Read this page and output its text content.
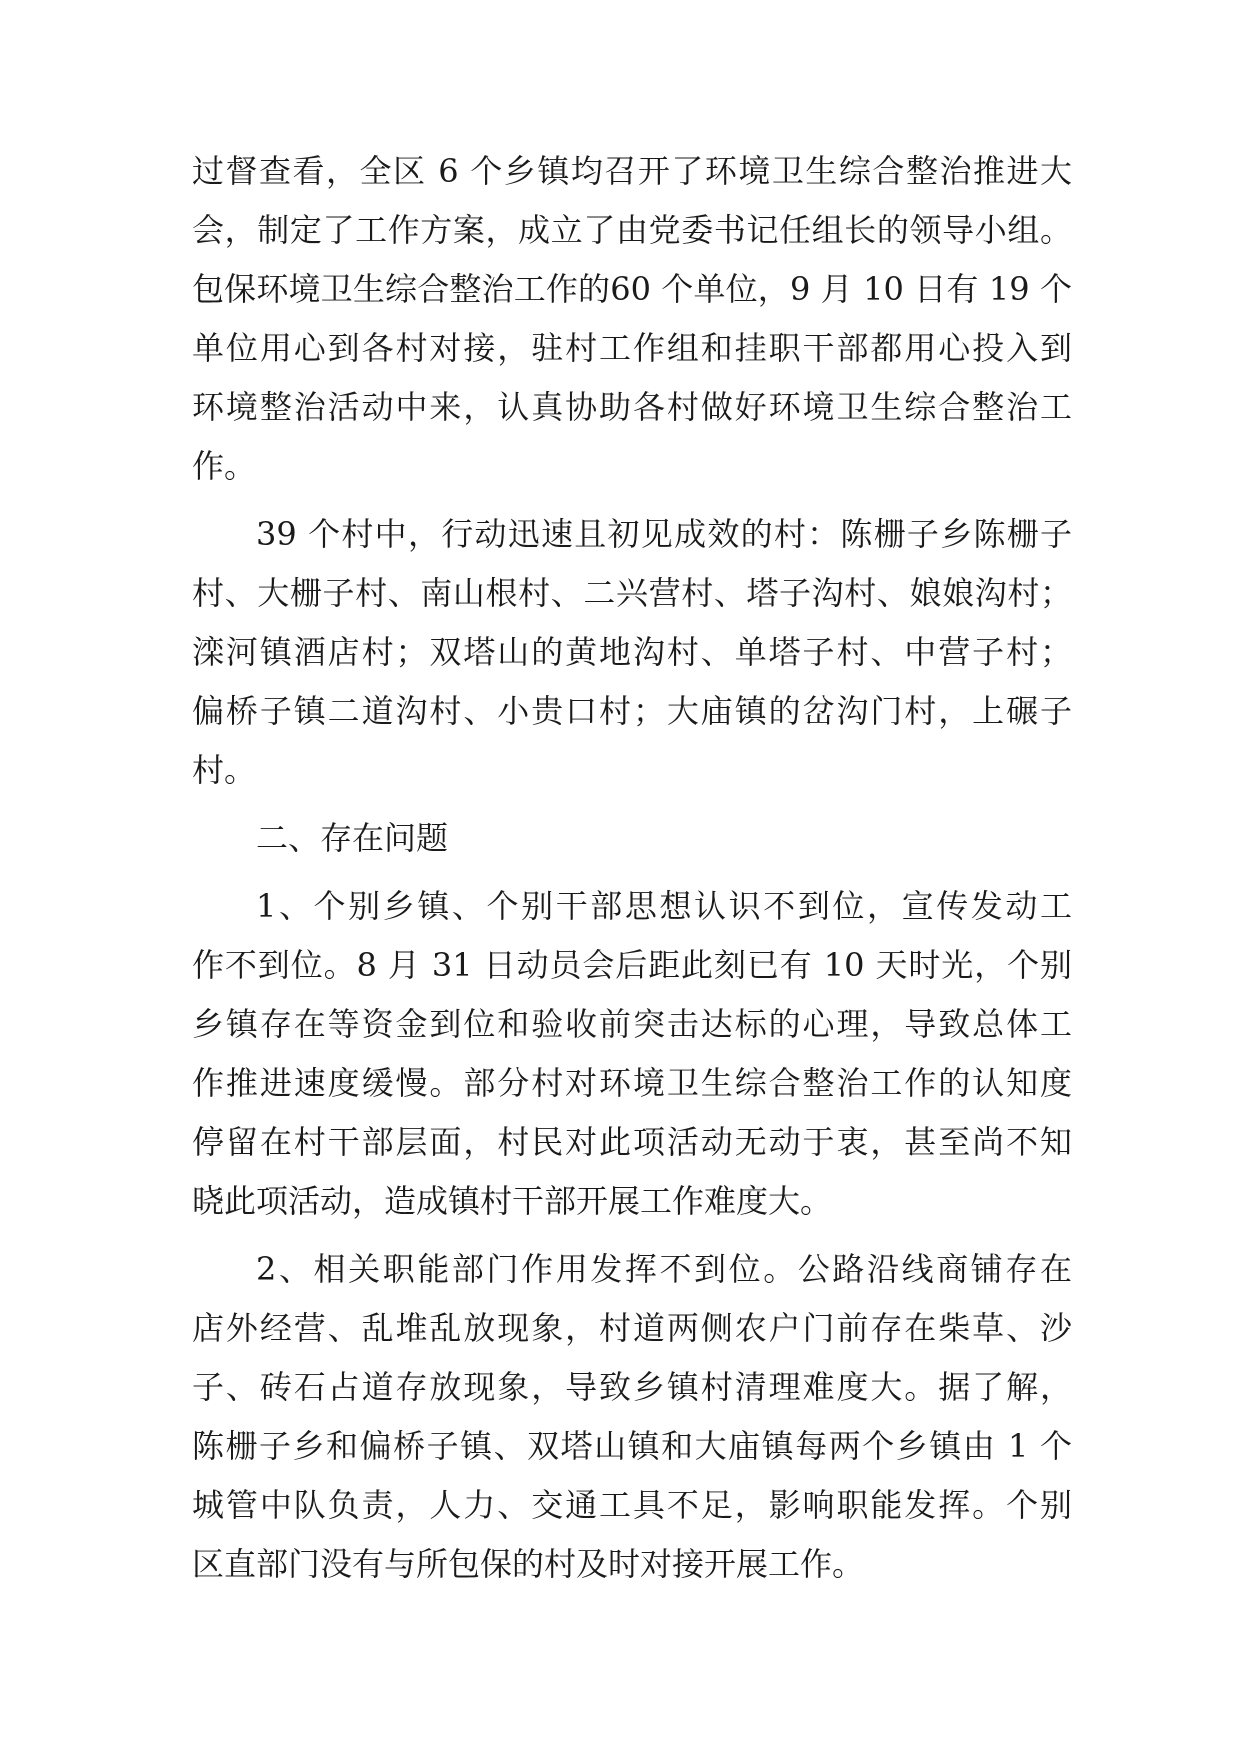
过督查看，全区 6 个乡镇均召开了环境卫生综合整治推进大
会，制定了工作方案，成立了由党委书记任组长的领导小组。
包保环境卫生综合整治工作的60 个单位，9 月 10 日有 19 个
单位用心到各村对接，驻村工作组和挂职干部都用心投入到
环境整治活动中来，认真协助各村做好环境卫生综合整治工
作。
39 个村中，行动迅速且初见成效的村：陈栅子乡陈栅子
村、大栅子村、南山根村、二兴营村、塔子沟村、娘娘沟村；
滦河镇酒店村；双塔山的黄地沟村、单塔子村、中营子村；
偏桥子镇二道沟村、小贵口村；大庙镇的岔沟门村，上碾子
村。
二、存在问题
1、个别乡镇、个别干部思想认识不到位，宣传发动工
作不到位。8 月 31 日动员会后距此刻已有 10 天时光，个别
乡镇存在等资金到位和验收前突击达标的心理，导致总体工
作推进速度缓慢。部分村对环境卫生综合整治工作的认知度
停留在村干部层面，村民对此项活动无动于衷，甚至尚不知
晓此项活动，造成镇村干部开展工作难度大。
2、相关职能部门作用发挥不到位。公路沿线商铺存在
店外经营、乱堆乱放现象，村道两侧农户门前存在柴草、沙
子、砖石占道存放现象，导致乡镇村清理难度大。据了解，
陈栅子乡和偏桥子镇、双塔山镇和大庙镇每两个乡镇由 1 个
城管中队负责，人力、交通工具不足，影响职能发挥。个别
区直部门没有与所包保的村及时对接开展工作。
